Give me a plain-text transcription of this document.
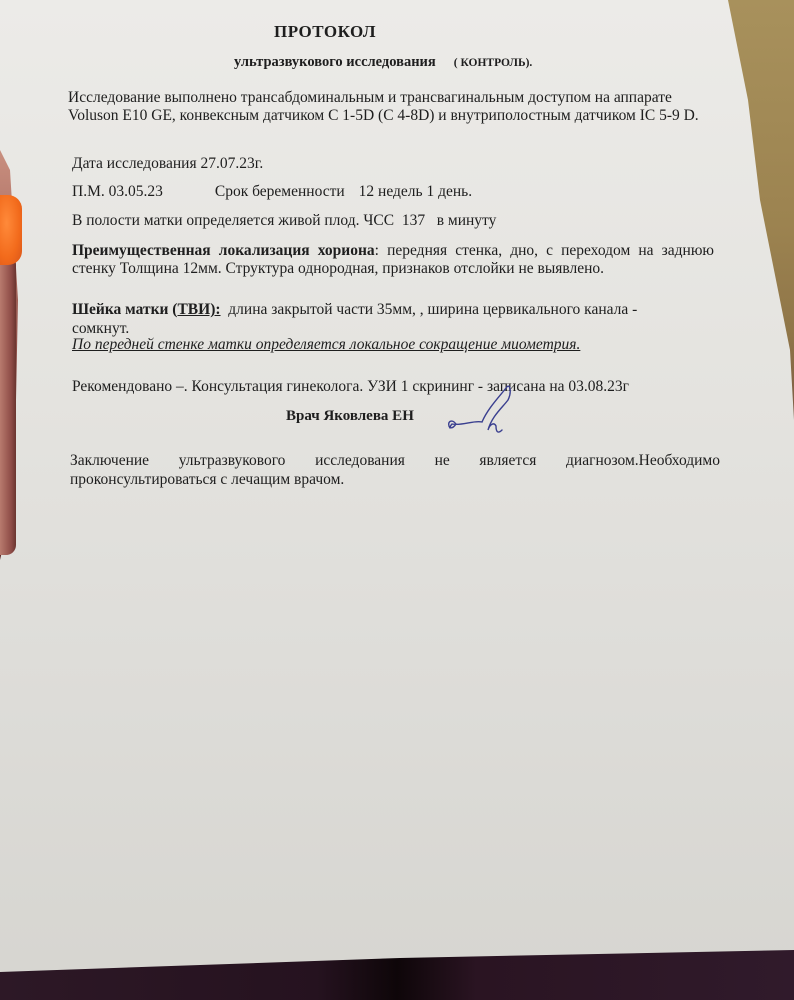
ПРОТОКОЛ
ультразвукового исследования ( КОНТРОЛЬ).
Исследование выполнено трансабдоминальным и трансвагинальным доступом на аппарате
Voluson E10 GE, конвексным датчиком С 1-5D (С 4-8D) и внутриполостным датчиком IC 5-9 D.
Дата исследования 27.07.23г.
П.М. 03.05.23	Срок беременности 12 недель 1 день.
В полости матки определяется живой плод. ЧСС 137 в минуту
Преимущественная локализация хориона: передняя стенка, дно, с переходом на заднюю
стенку Толщина 12мм. Структура однородная, признаков отслойки не выявлено.
Шейка матки (ТВИ): длина закрытой части 35мм, , ширина цервикального канала -
сомкнут.
По передней стенке матки определяется локальное сокращение миометрия.
Рекомендовано –. Консультация гинеколога. УЗИ 1 скрининг - записана на 03.08.23г
Врач Яковлева ЕН
Заключение ультразвукового исследования не является диагнозом.Необходимо
проконсультироваться с лечащим врачом.
